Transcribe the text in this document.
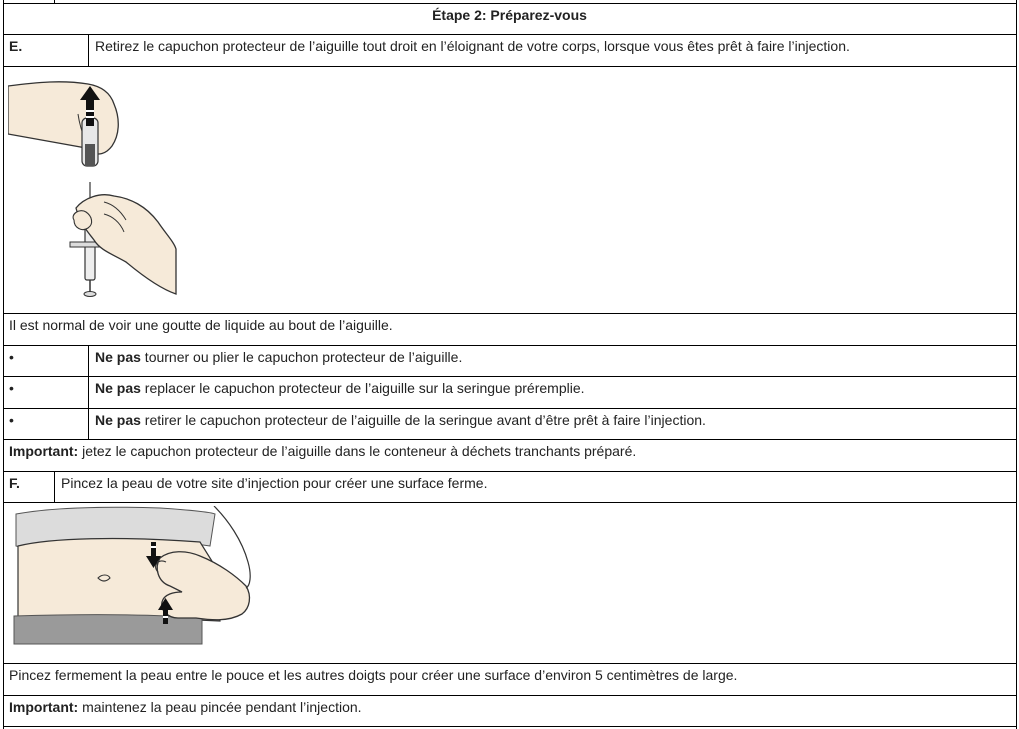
Étape 2: Préparez-vous
E.	Retirez le capuchon protecteur de l’aiguille tout droit en l’éloignant de votre corps, lorsque vous êtes prêt à faire l’injection.
Il est normal de voir une goutte de liquide au bout de l’aiguille.
•	Ne pas tourner ou plier le capuchon protecteur de l’aiguille.
•	Ne pas replacer le capuchon protecteur de l’aiguille sur la seringue préremplie.
•	Ne pas retirer le capuchon protecteur de l’aiguille de la seringue avant d’être prêt à faire l’injection.
Important: jetez le capuchon protecteur de l’aiguille dans le conteneur à déchets tranchants préparé.
F.	Pincez la peau de votre site d’injection pour créer une surface ferme.
Pincez fermement la peau entre le pouce et les autres doigts pour créer une surface d’environ 5 centimètres de large.
Important: maintenez la peau pincée pendant l’injection.
